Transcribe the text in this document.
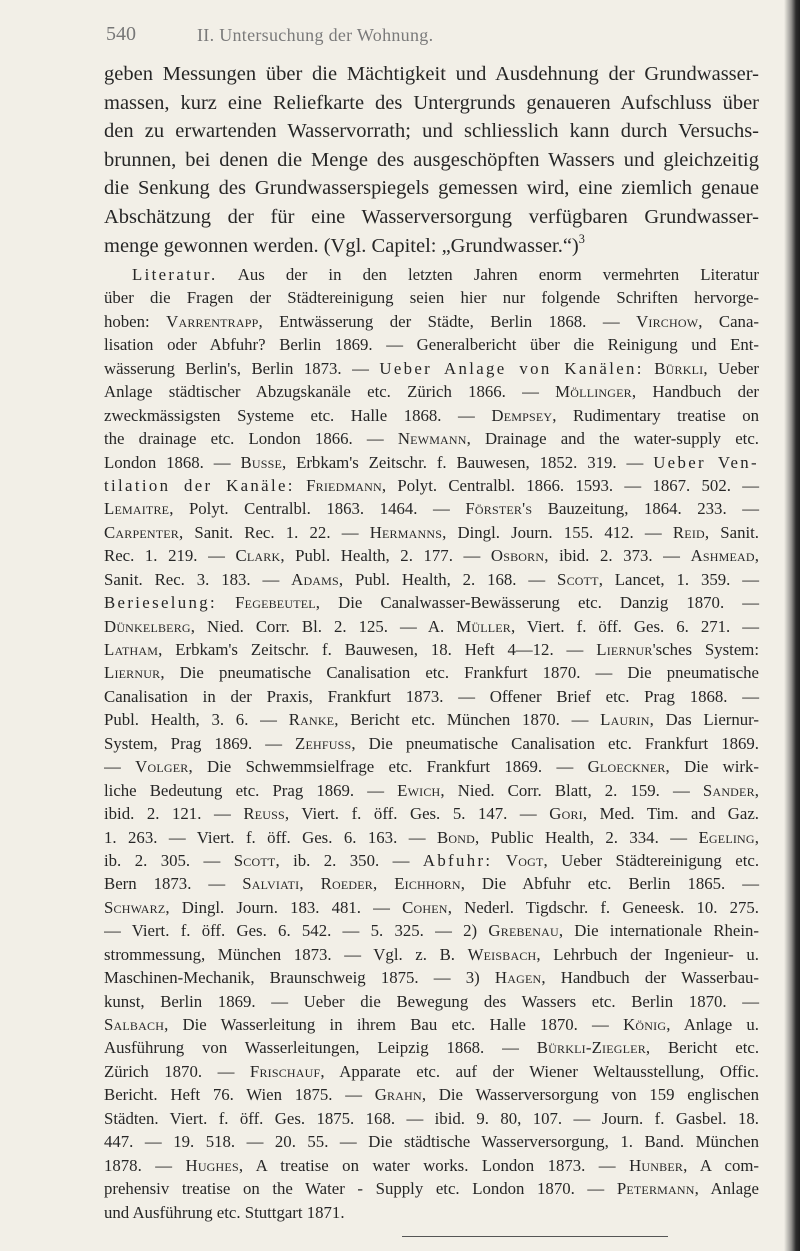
540	II. Untersuchung der Wohnung.
geben Messungen über die Mächtigkeit und Ausdehnung der Grundwasser-
massen, kurz eine Reliefkarte des Untergrunds genaueren Aufschluss über
den zu erwartenden Wasservorrath; und schliesslich kann durch Versuchs-
brunnen, bei denen die Menge des ausgeschöpften Wassers und gleichzeitig
die Senkung des Grundwasserspiegels gemessen wird, eine ziemlich genaue
Abschätzung der für eine Wasserversorgung verfügbaren Grundwasser-
menge gewonnen werden. (Vgl. Capitel: „Grundwasser.“)$^3$
Literatur. Aus der in den letzten Jahren enorm vermehrten Literatur
über die Fragen der Städtereinigung seien hier nur folgende Schriften hervorge-
hoben: Varrentrapp, Entwässerung der Städte, Berlin 1868. — Virchow, Cana-
lisation oder Abfuhr? Berlin 1869. — Generalbericht über die Reinigung und Ent-
wässerung Berlin's, Berlin 1873. — Ueber Anlage von Kanälen: Bürkli, Ueber
Anlage städtischer Abzugskanäle etc. Zürich 1866. — Möllinger, Handbuch der
zweckmässigsten Systeme etc. Halle 1868. — Dempsey, Rudimentary treatise on
the drainage etc. London 1866. — Newmann, Drainage and the water-supply etc.
London 1868. — Busse, Erbkam's Zeitschr. f. Bauwesen, 1852. 319. — Ueber Ven-
tilation der Kanäle: Friedmann, Polyt. Centralbl. 1866. 1593. — 1867. 502. —
Lemaitre, Polyt. Centralbl. 1863. 1464. — Förster's Bauzeitung, 1864. 233. —
Carpenter, Sanit. Rec. 1. 22. — Hermanns, Dingl. Journ. 155. 412. — Reid, Sanit.
Rec. 1. 219. — Clark, Publ. Health, 2. 177. — Osborn, ibid. 2. 373. — Ashmead,
Sanit. Rec. 3. 183. — Adams, Publ. Health, 2. 168. — Scott, Lancet, 1. 359. —
Berieselung: Fegebeutel, Die Canalwasser-Bewässerung etc. Danzig 1870. —
Dünkelberg, Nied. Corr. Bl. 2. 125. — A. Müller, Viert. f. öff. Ges. 6. 271. —
Latham, Erbkam's Zeitschr. f. Bauwesen, 18. Heft 4—12. — Liernur'sches System:
Liernur, Die pneumatische Canalisation etc. Frankfurt 1870. — Die pneumatische
Canalisation in der Praxis, Frankfurt 1873. — Offener Brief etc. Prag 1868. —
Publ. Health, 3. 6. — Ranke, Bericht etc. München 1870. — Laurin, Das Liernur-
System, Prag 1869. — Zehfuss, Die pneumatische Canalisation etc. Frankfurt 1869.
— Volger, Die Schwemmsielfrage etc. Frankfurt 1869. — Gloeckner, Die wirk-
liche Bedeutung etc. Prag 1869. — Ewich, Nied. Corr. Blatt, 2. 159. — Sander,
ibid. 2. 121. — Reuss, Viert. f. öff. Ges. 5. 147. — Gori, Med. Tim. and Gaz.
1. 263. — Viert. f. öff. Ges. 6. 163. — Bond, Public Health, 2. 334. — Egeling,
ib. 2. 305. — Scott, ib. 2. 350. — Abfuhr: Vogt, Ueber Städtereinigung etc.
Bern 1873. — Salviati, Roeder, Eichhorn, Die Abfuhr etc. Berlin 1865. —
Schwarz, Dingl. Journ. 183. 481. — Cohen, Nederl. Tigdschr. f. Geneesk. 10. 275.
— Viert. f. öff. Ges. 6. 542. — 5. 325. — 2) Grebenau, Die internationale Rhein-
strommessung, München 1873. — Vgl. z. B. Weisbach, Lehrbuch der Ingenieur- u.
Maschinen-Mechanik, Braunschweig 1875. — 3) Hagen, Handbuch der Wasserbau-
kunst, Berlin 1869. — Ueber die Bewegung des Wassers etc. Berlin 1870. —
Salbach, Die Wasserleitung in ihrem Bau etc. Halle 1870. — König, Anlage u.
Ausführung von Wasserleitungen, Leipzig 1868. — Bürkli-Ziegler, Bericht etc.
Zürich 1870. — Frischauf, Apparate etc. auf der Wiener Weltausstellung, Offic.
Bericht. Heft 76. Wien 1875. — Grahn, Die Wasserversorgung von 159 englischen
Städten. Viert. f. öff. Ges. 1875. 168. — ibid. 9. 80, 107. — Journ. f. Gasbel. 18.
447. — 19. 518. — 20. 55. — Die städtische Wasserversorgung, 1. Band. München
1878. — Hughes, A treatise on water works. London 1873. — Hunber, A com-
prehensiv treatise on the Water - Supply etc. London 1870. — Petermann, Anlage
und Ausführung etc. Stuttgart 1871.
